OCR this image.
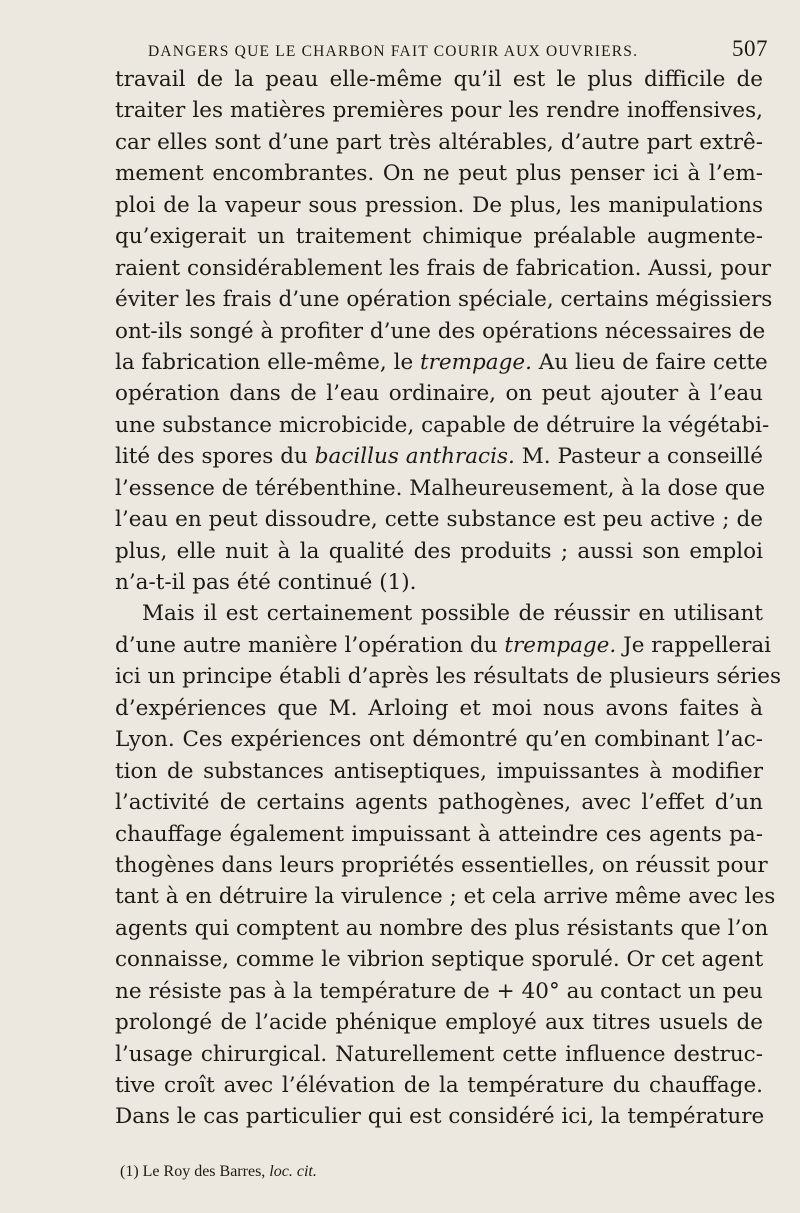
DANGERS QUE LE CHARBON FAIT COURIR AUX OUVRIERS.	507
travail de la peau elle-même qu’il est le plus difficile de
traiter les matières premières pour les rendre inoffensives,
car elles sont d’une part très altérables, d’autre part extrê-
mement encombrantes. On ne peut plus penser ici à l’em-
ploi de la vapeur sous pression. De plus, les manipulations
qu’exigerait un traitement chimique préalable augmente-
raient considérablement les frais de fabrication. Aussi, pour
éviter les frais d’une opération spéciale, certains mégissiers
ont-ils songé à profiter d’une des opérations nécessaires de
la fabrication elle-même, le trempage. Au lieu de faire cette
opération dans de l’eau ordinaire, on peut ajouter à l’eau
une substance microbicide, capable de détruire la végétabi-
lité des spores du bacillus anthracis. M. Pasteur a conseillé
l’essence de térébenthine. Malheureusement, à la dose que
l’eau en peut dissoudre, cette substance est peu active ; de
plus, elle nuit à la qualité des produits ; aussi son emploi
n’a-t-il pas été continué (1).
Mais il est certainement possible de réussir en utilisant
d’une autre manière l’opération du trempage. Je rappellerai
ici un principe établi d’après les résultats de plusieurs séries
d’expériences que M. Arloing et moi nous avons faites à
Lyon. Ces expériences ont démontré qu’en combinant l’ac-
tion de substances antiseptiques, impuissantes à modifier
l’activité de certains agents pathogènes, avec l’effet d’un
chauffage également impuissant à atteindre ces agents pa-
thogènes dans leurs propriétés essentielles, on réussit pour
tant à en détruire la virulence ; et cela arrive même avec les
agents qui comptent au nombre des plus résistants que l’on
connaisse, comme le vibrion septique sporulé. Or cet agent
ne résiste pas à la température de + 40° au contact un peu
prolongé de l’acide phénique employé aux titres usuels de
l’usage chirurgical. Naturellement cette influence destruc-
tive croît avec l’élévation de la température du chauffage.
Dans le cas particulier qui est considéré ici, la température
(1) Le Roy des Barres, loc. cit.
